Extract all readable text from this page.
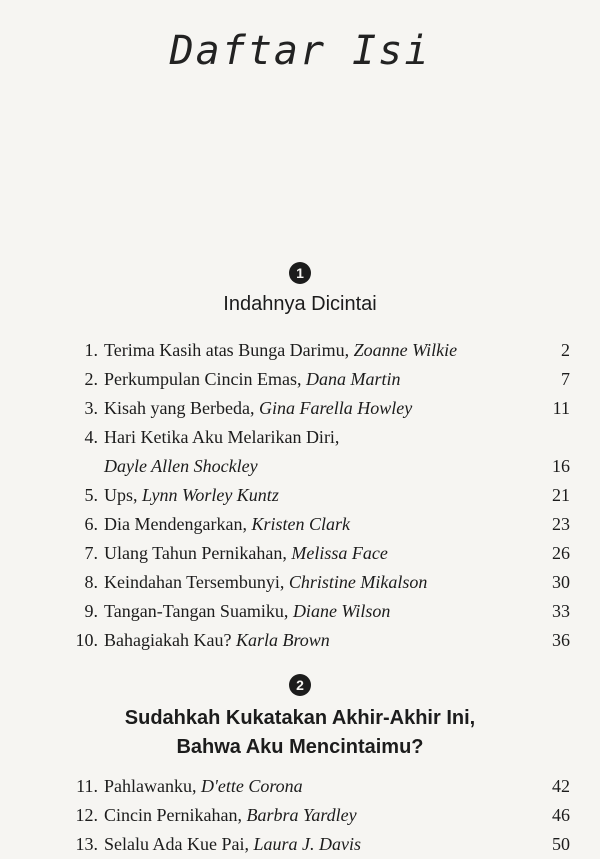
Daftar Isi
1
Indahnya Dicintai
1. Terima Kasih atas Bunga Darimu, Zoanne Wilkie	2
2. Perkumpulan Cincin Emas, Dana Martin	7
3. Kisah yang Berbeda, Gina Farella Howley	11
4. Hari Ketika Aku Melarikan Diri,
Dayle Allen Shockley	16
5. Ups, Lynn Worley Kuntz	21
6. Dia Mendengarkan, Kristen Clark	23
7. Ulang Tahun Pernikahan, Melissa Face	26
8. Keindahan Tersembunyi, Christine Mikalson	30
9. Tangan-Tangan Suamiku, Diane Wilson	33
10. Bahagiakah Kau? Karla Brown	36
2
Sudahkah Kukatakan Akhir-Akhir Ini,
Bahwa Aku Mencintaimu?
11. Pahlawanku, D'ette Corona	42
12. Cincin Pernikahan, Barbra Yardley	46
13. Selalu Ada Kue Pai, Laura J. Davis	50
